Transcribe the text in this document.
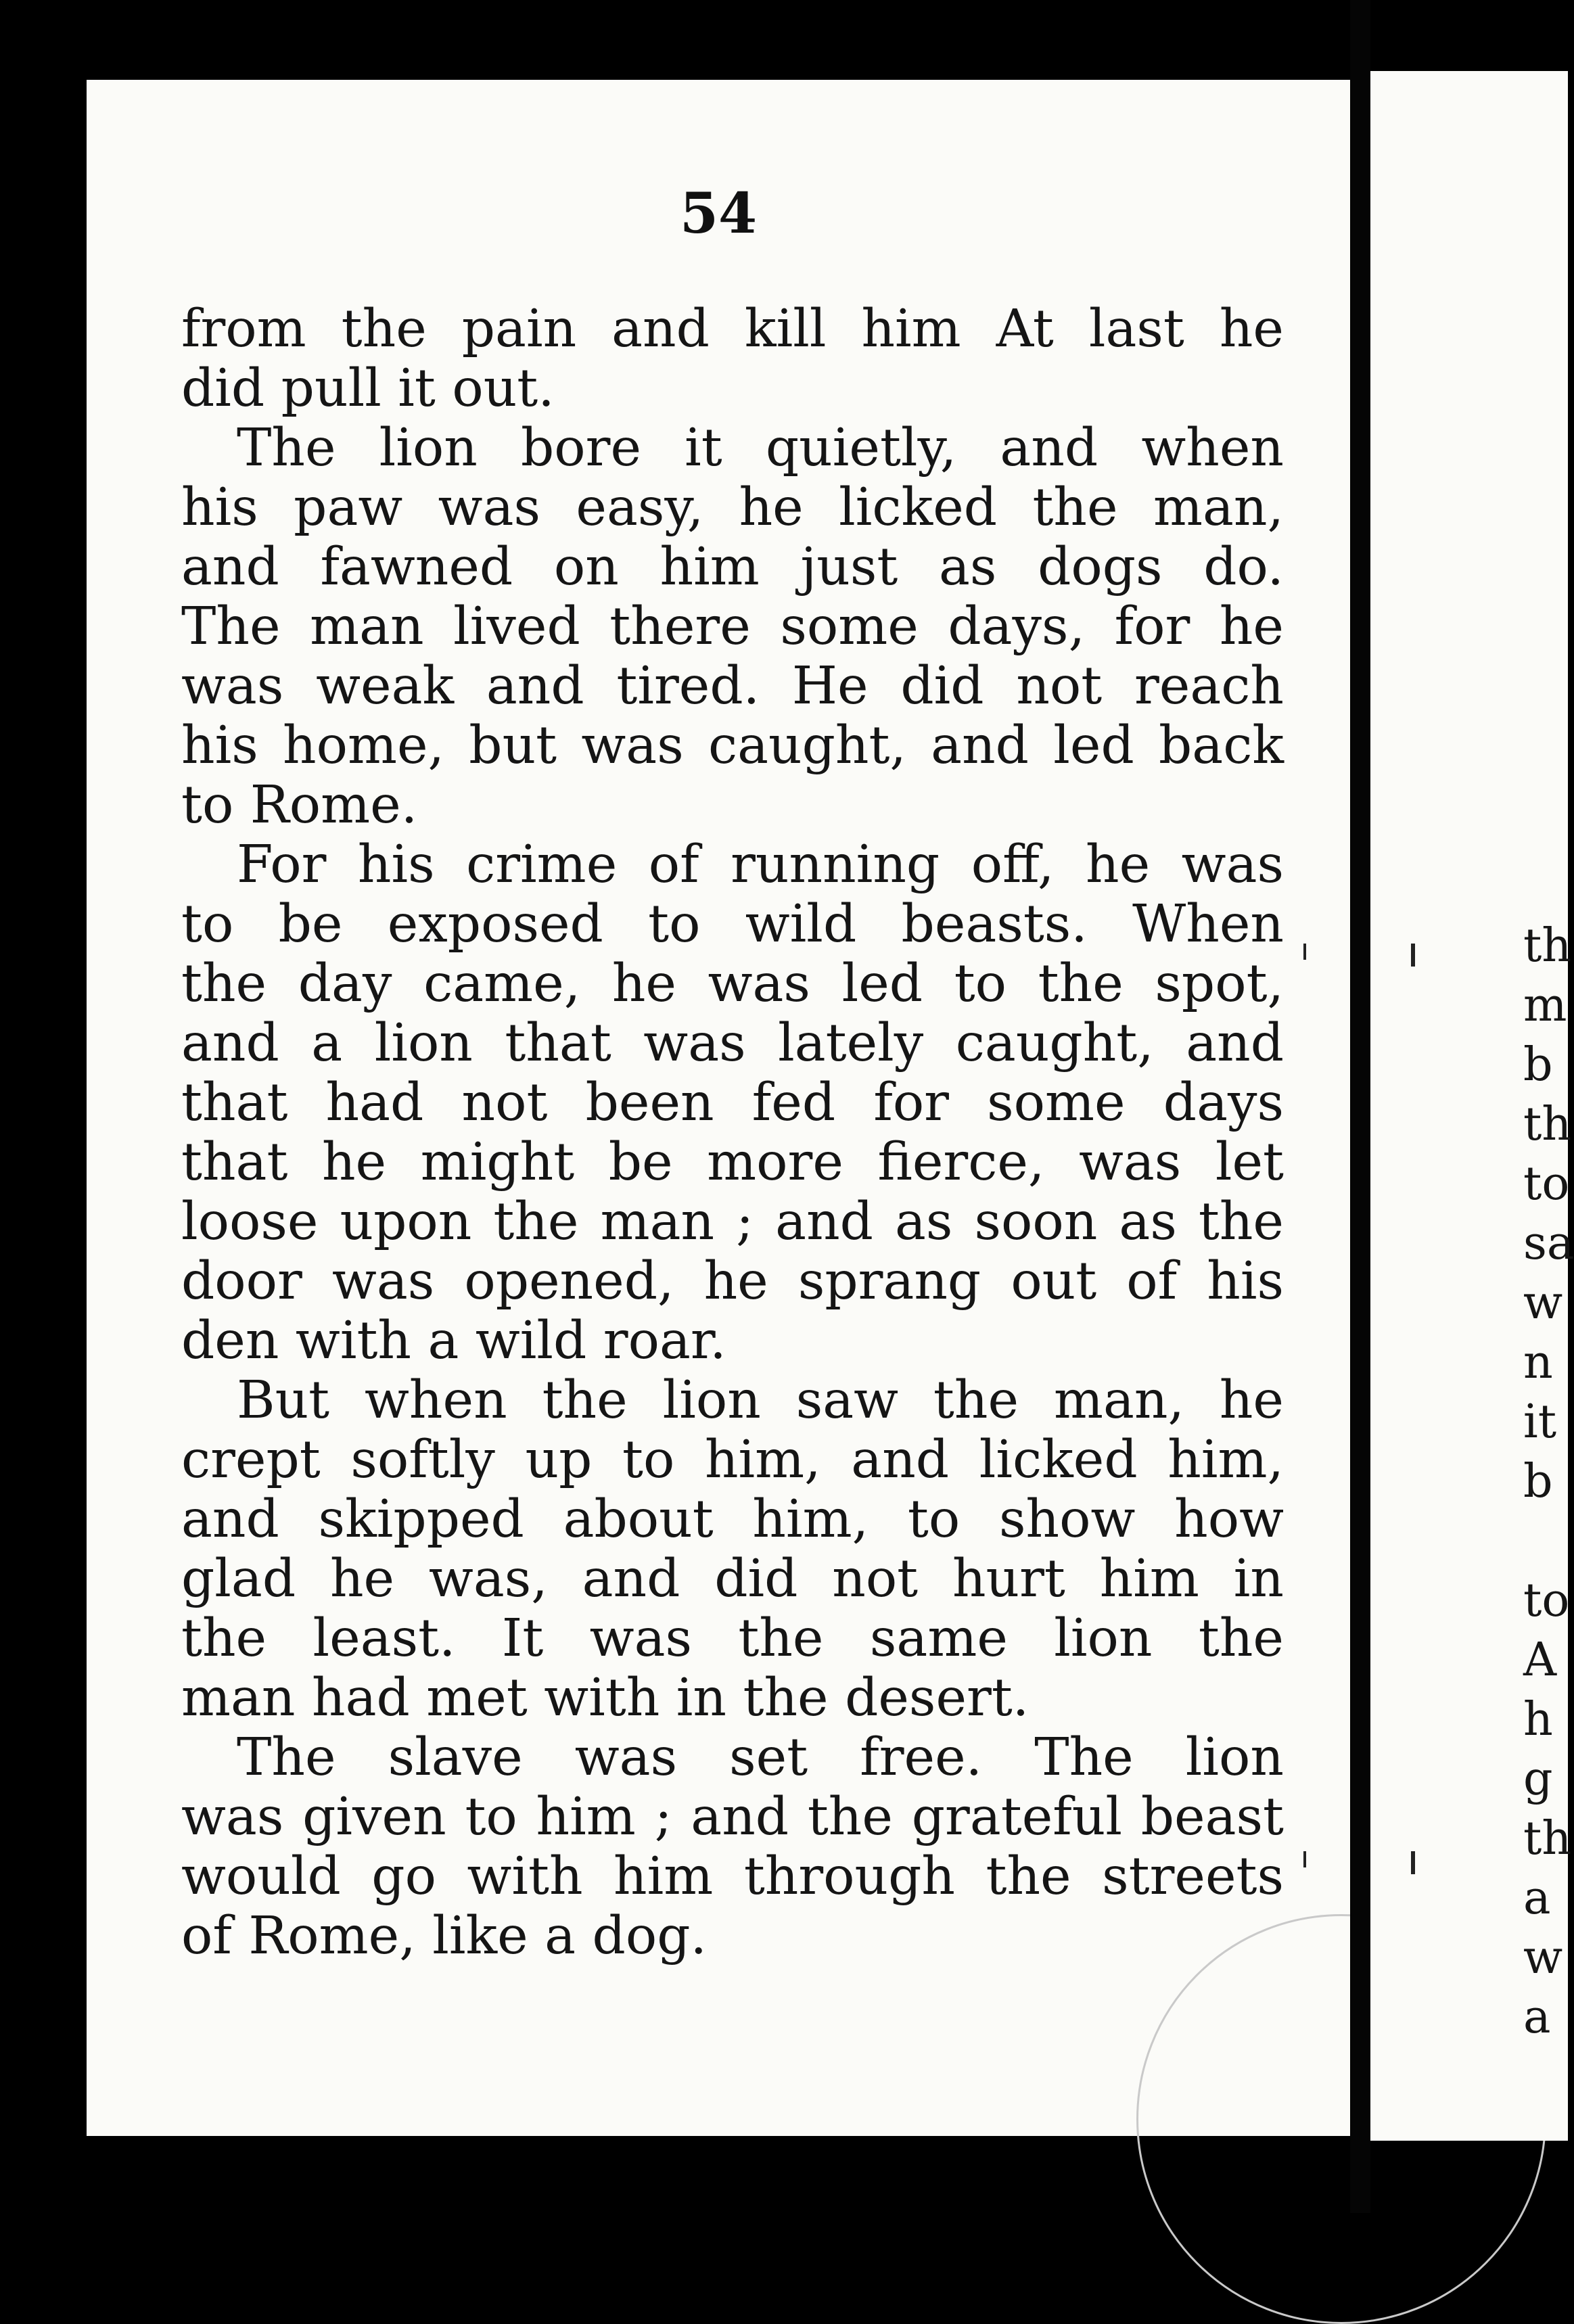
54
from the pain and kill him At last he
did pull it out.
The lion bore it quietly, and when
his paw was easy, he licked the man,
and fawned on him just as dogs do.
The man lived there some days, for he
was weak and tired. He did not reach
his home, but was caught, and led back
to Rome.
For his crime of running off, he was
to be exposed to wild beasts. When
the day came, he was led to the spot,
and a lion that was lately caught, and
that had not been fed for some days
that he might be more fierce, was let
loose upon the man ; and as soon as the
door was opened, he sprang out of his
den with a wild roar.
But when the lion saw the man, he
crept softly up to him, and licked him,
and skipped about him, to show how
glad he was, and did not hurt him in
the least. It was the same lion the
man had met with in the desert.
The slave was set free. The lion
was given to him ; and the grateful beast
would go with him through the streets
of Rome, like a dog.
th
m
b
th
to
sa
w
n
it
b

to
A
h
g
th
a
w
a
